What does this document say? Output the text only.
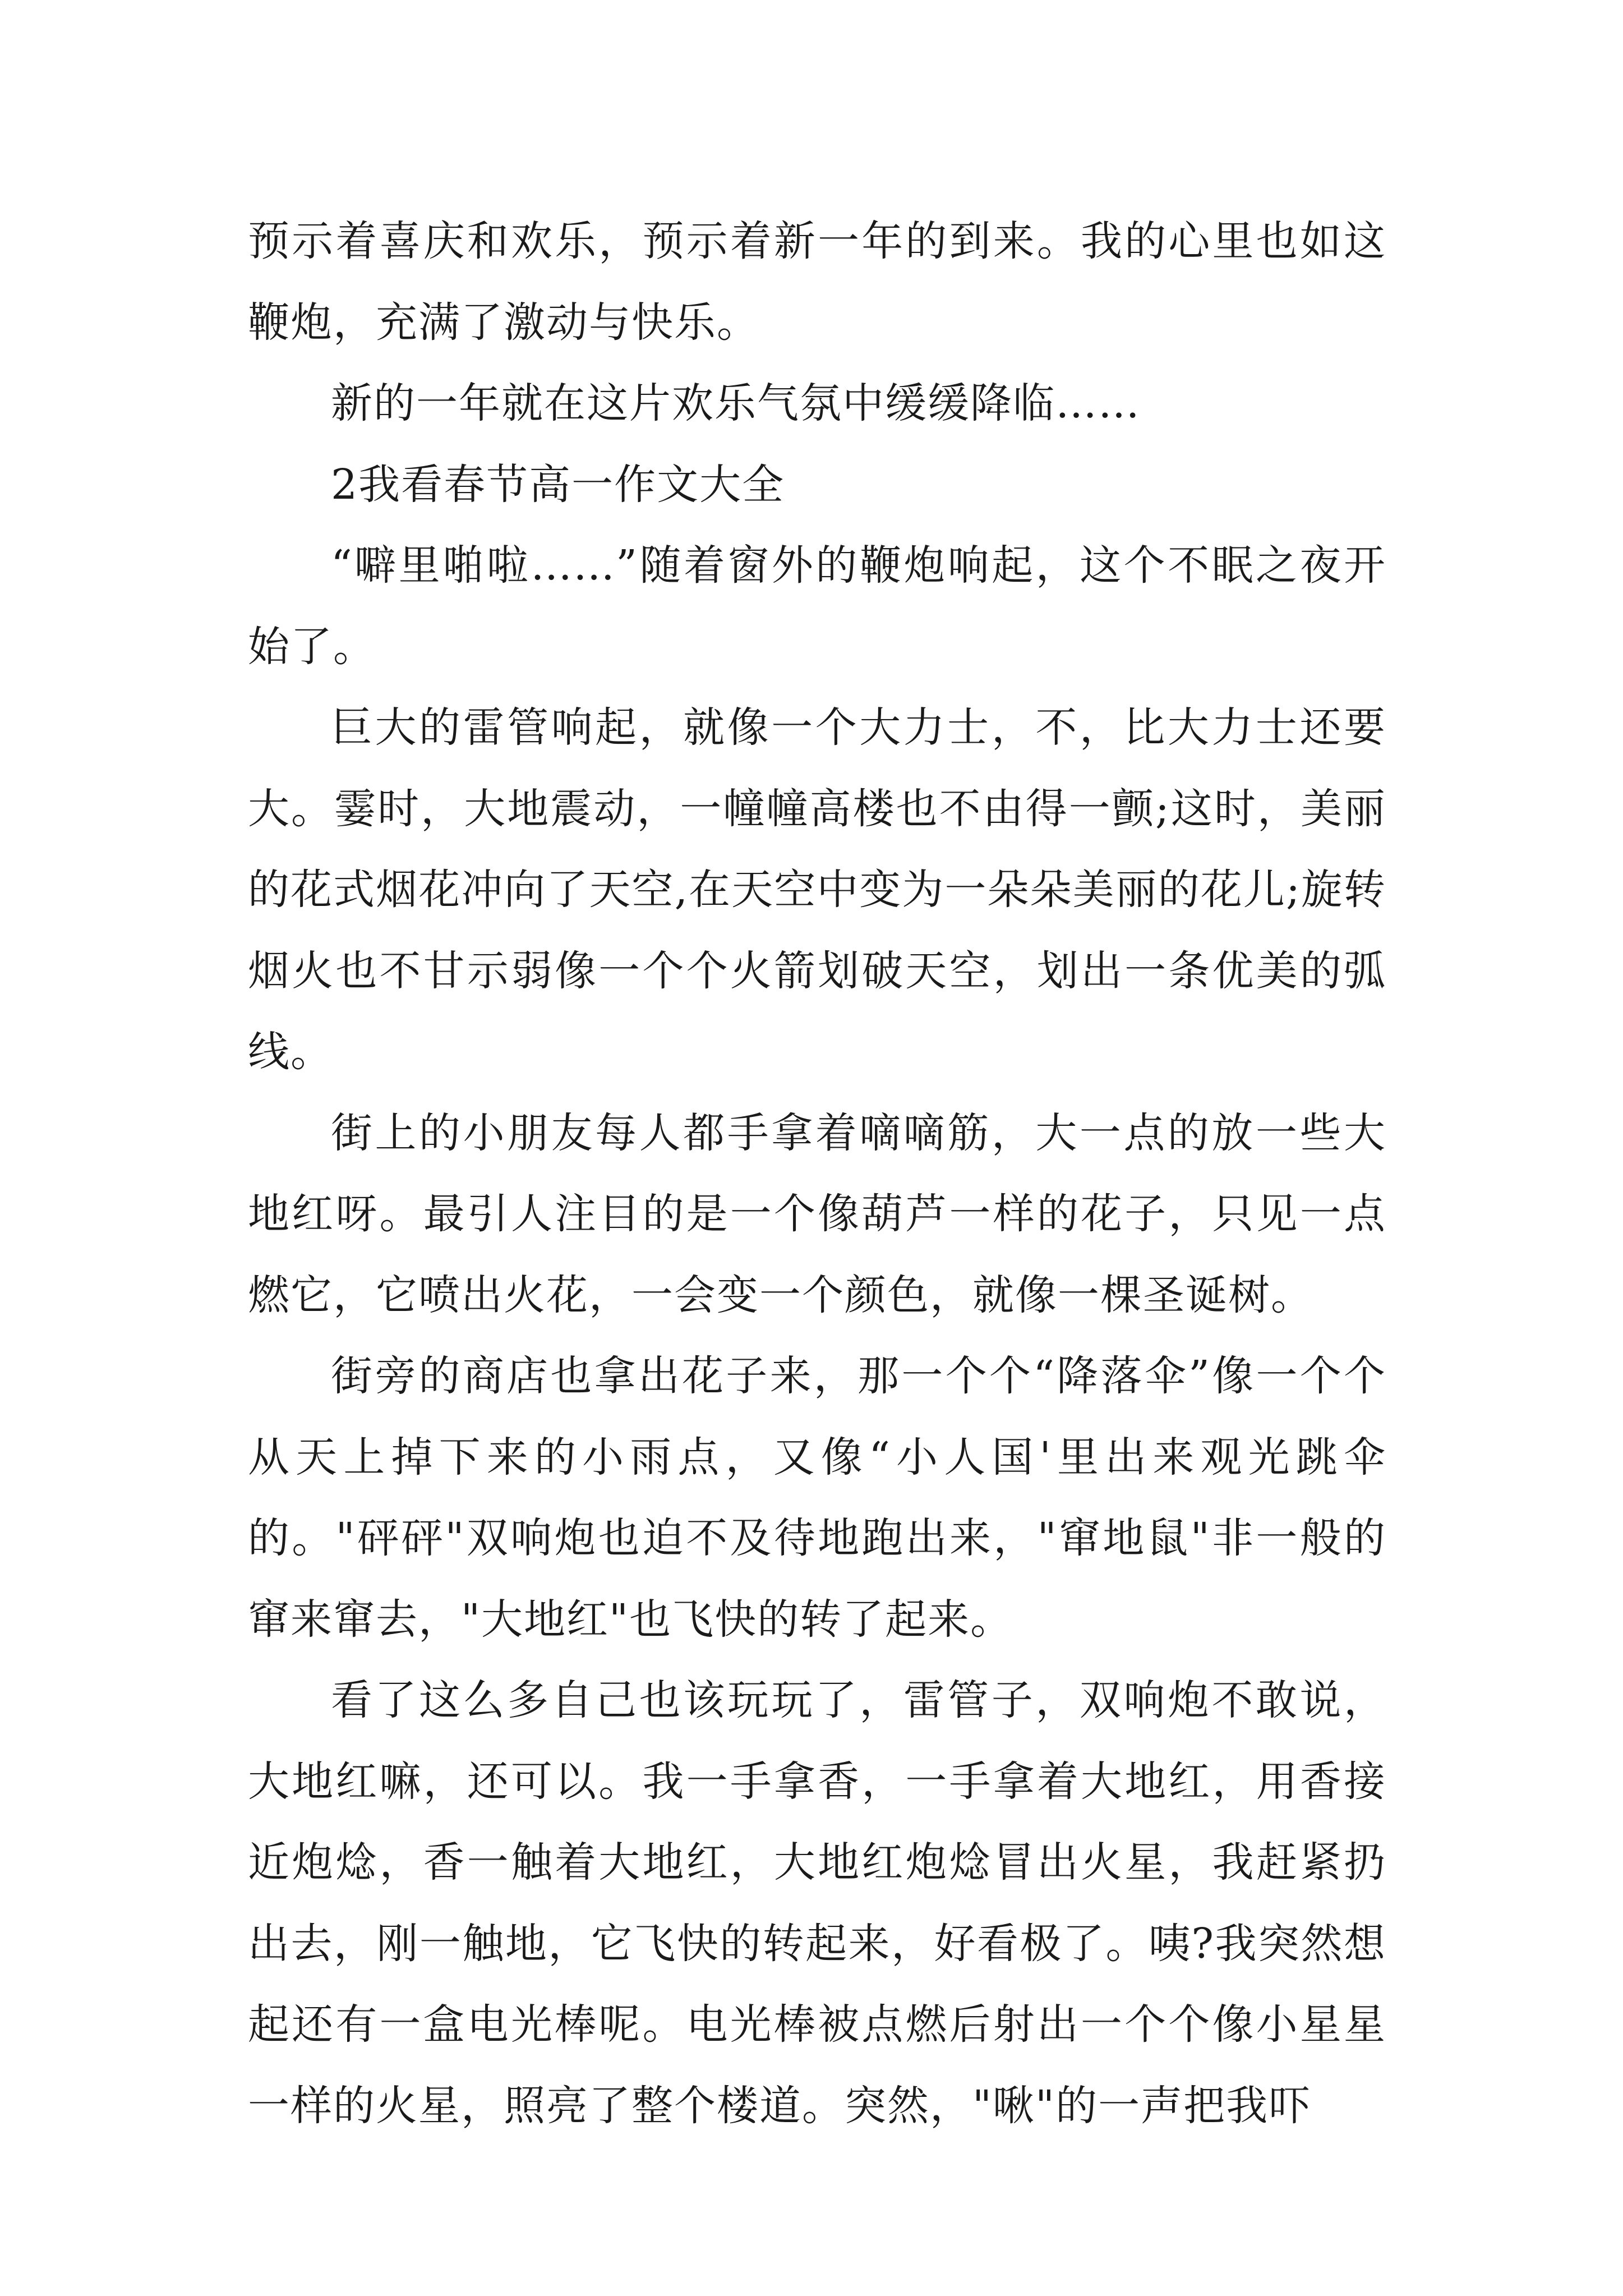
预示着喜庆和欢乐，预示着新一年的到来。我的心里也如这鞭炮，充满了激动与快乐。

新的一年就在这片欢乐气氛中缓缓降临……

2我看春节高一作文大全

“噼里啪啦……”随着窗外的鞭炮响起，这个不眠之夜开始了。

巨大的雷管响起，就像一个大力士，不，比大力士还要大。霎时，大地震动，一幢幢高楼也不由得一颤;这时，美丽的花式烟花冲向了天空,在天空中变为一朵朵美丽的花儿;旋转烟火也不甘示弱像一个个火箭划破天空，划出一条优美的弧线。

街上的小朋友每人都手拿着嘀嘀筋，大一点的放一些大地红呀。最引人注目的是一个像葫芦一样的花子，只见一点燃它，它喷出火花，一会变一个颜色，就像一棵圣诞树。

街旁的商店也拿出花子来，那一个个“降落伞”像一个个从天上掉下来的小雨点，又像“小人国'里出来观光跳伞的。"砰砰"双响炮也迫不及待地跑出来，"窜地鼠"非一般的窜来窜去，"大地红"也飞快的转了起来。

看了这么多自己也该玩玩了，雷管子，双响炮不敢说，大地红嘛，还可以。我一手拿香，一手拿着大地红，用香接近炮焾，香一触着大地红，大地红炮焾冒出火星，我赶紧扔出去，刚一触地，它飞快的转起来，好看极了。咦?我突然想起还有一盒电光棒呢。电光棒被点燃后射出一个个像小星星一样的火星，照亮了整个楼道。突然，"啾"的一声把我吓
